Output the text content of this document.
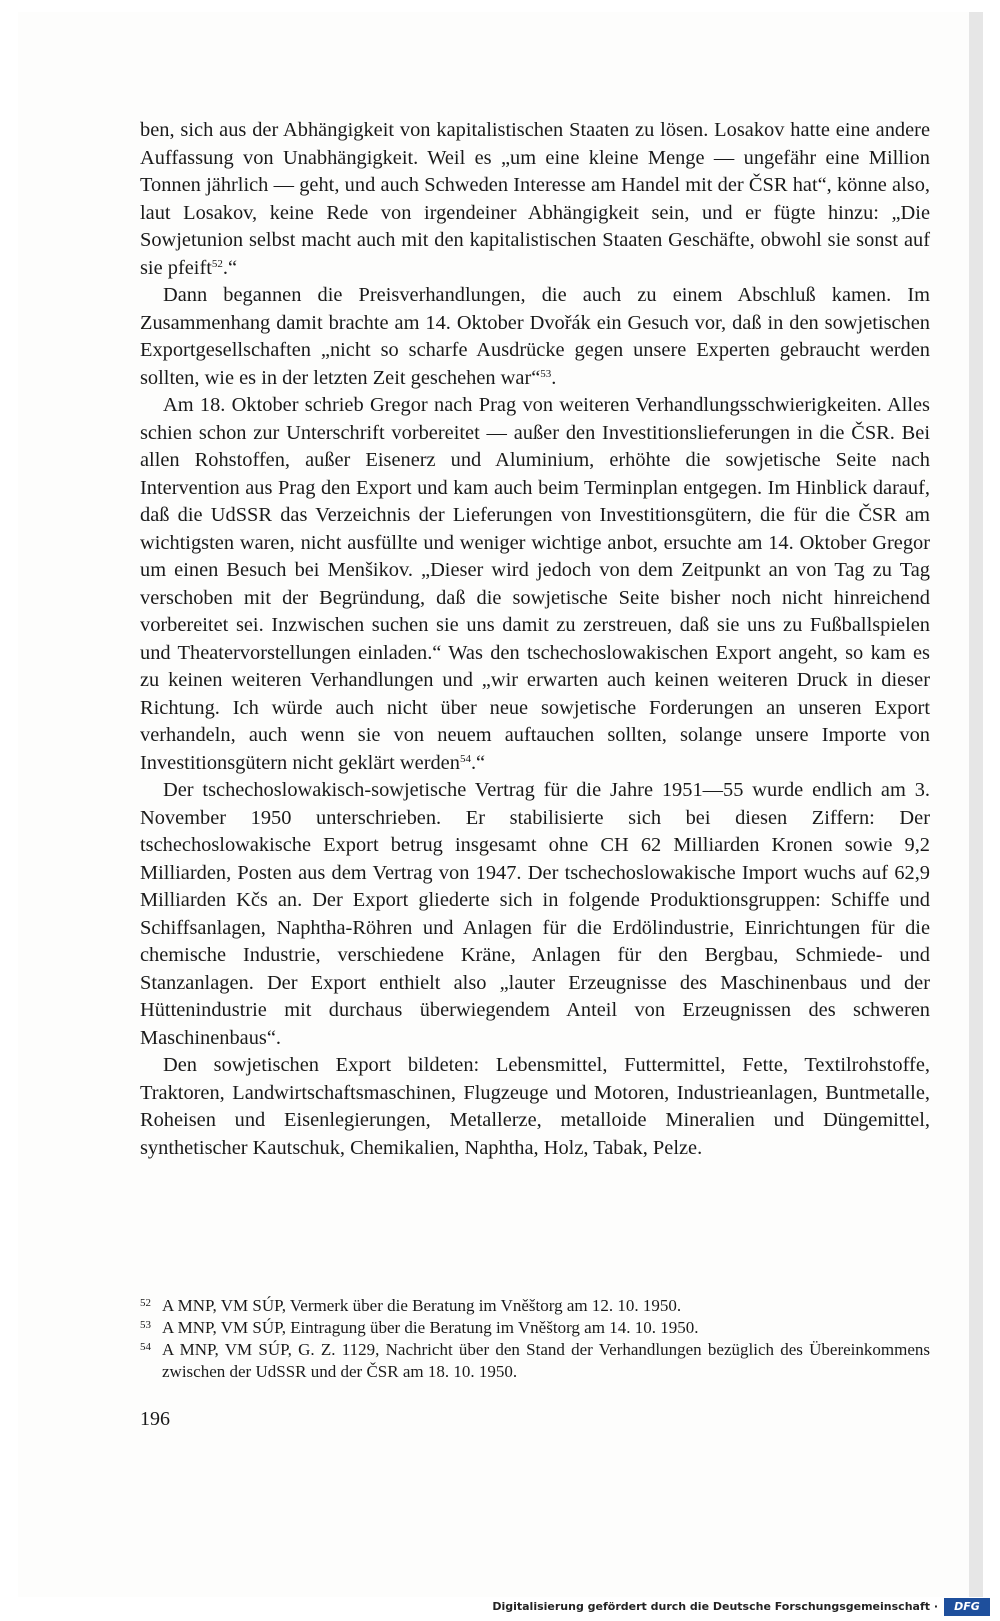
ben, sich aus der Abhängigkeit von kapitalistischen Staaten zu lösen. Losakov hatte eine andere Auffassung von Unabhängigkeit. Weil es „um eine kleine Menge — ungefähr eine Million Tonnen jährlich — geht, und auch Schweden Interesse am Handel mit der ČSR hat“, könne also, laut Losakov, keine Rede von irgendeiner Abhängigkeit sein, und er fügte hinzu: „Die Sowjetunion selbst macht auch mit den kapitalistischen Staaten Geschäfte, obwohl sie sonst auf sie pfeift$^{52}$.“

Dann begannen die Preisverhandlungen, die auch zu einem Abschluß kamen. Im Zusammenhang damit brachte am 14. Oktober Dvořák ein Gesuch vor, daß in den sowjetischen Exportgesellschaften „nicht so scharfe Ausdrücke gegen unsere Experten gebraucht werden sollten, wie es in der letzten Zeit geschehen war“$^{53}$.

Am 18. Oktober schrieb Gregor nach Prag von weiteren Verhandlungsschwierigkeiten. Alles schien schon zur Unterschrift vorbereitet — außer den Investitionslieferungen in die ČSR. Bei allen Rohstoffen, außer Eisenerz und Aluminium, erhöhte die sowjetische Seite nach Intervention aus Prag den Export und kam auch beim Terminplan entgegen. Im Hinblick darauf, daß die UdSSR das Verzeichnis der Lieferungen von Investitionsgütern, die für die ČSR am wichtigsten waren, nicht ausfüllte und weniger wichtige anbot, ersuchte am 14. Oktober Gregor um einen Besuch bei Menšikov. „Dieser wird jedoch von dem Zeitpunkt an von Tag zu Tag verschoben mit der Begründung, daß die sowjetische Seite bisher noch nicht hinreichend vorbereitet sei. Inzwischen suchen sie uns damit zu zerstreuen, daß sie uns zu Fußballspielen und Theatervorstellungen einladen.“ Was den tschechoslowakischen Export angeht, so kam es zu keinen weiteren Verhandlungen und „wir erwarten auch keinen weiteren Druck in dieser Richtung. Ich würde auch nicht über neue sowjetische Forderungen an unseren Export verhandeln, auch wenn sie von neuem auftauchen sollten, solange unsere Importe von Investitionsgütern nicht geklärt werden$^{54}$.“

Der tschechoslowakisch-sowjetische Vertrag für die Jahre 1951—55 wurde endlich am 3. November 1950 unterschrieben. Er stabilisierte sich bei diesen Ziffern: Der tschechoslowakische Export betrug insgesamt ohne CH 62 Milliarden Kronen sowie 9,2 Milliarden, Posten aus dem Vertrag von 1947. Der tschechoslowakische Import wuchs auf 62,9 Milliarden Kčs an. Der Export gliederte sich in folgende Produktionsgruppen: Schiffe und Schiffsanlagen, Naphtha-Röhren und Anlagen für die Erdölindustrie, Einrichtungen für die chemische Industrie, verschiedene Kräne, Anlagen für den Bergbau, Schmiede- und Stanzanlagen. Der Export enthielt also „lauter Erzeugnisse des Maschinenbaus und der Hüttenindustrie mit durchaus überwiegendem Anteil von Erzeugnissen des schweren Maschinenbaus“.

Den sowjetischen Export bildeten: Lebensmittel, Futtermittel, Fette, Textilrohstoffe, Traktoren, Landwirtschaftsmaschinen, Flugzeuge und Motoren, Industrieanlagen, Buntmetalle, Roheisen und Eisenlegierungen, Metallerze, metalloide Mineralien und Düngemittel, synthetischer Kautschuk, Chemikalien, Naphtha, Holz, Tabak, Pelze.

52 A MNP, VM SÚP, Vermerk über die Beratung im Vněštorg am 12. 10. 1950.
53 A MNP, VM SÚP, Eintragung über die Beratung im Vněštorg am 14. 10. 1950.
54 A MNP, VM SÚP, G. Z. 1129, Nachricht über den Stand der Verhandlungen bezüglich des Übereinkommens zwischen der UdSSR und der ČSR am 18. 10. 1950.
196
Digitalisierung gefördert durch die Deutsche Forschungsgemeinschaft ·	DFG
